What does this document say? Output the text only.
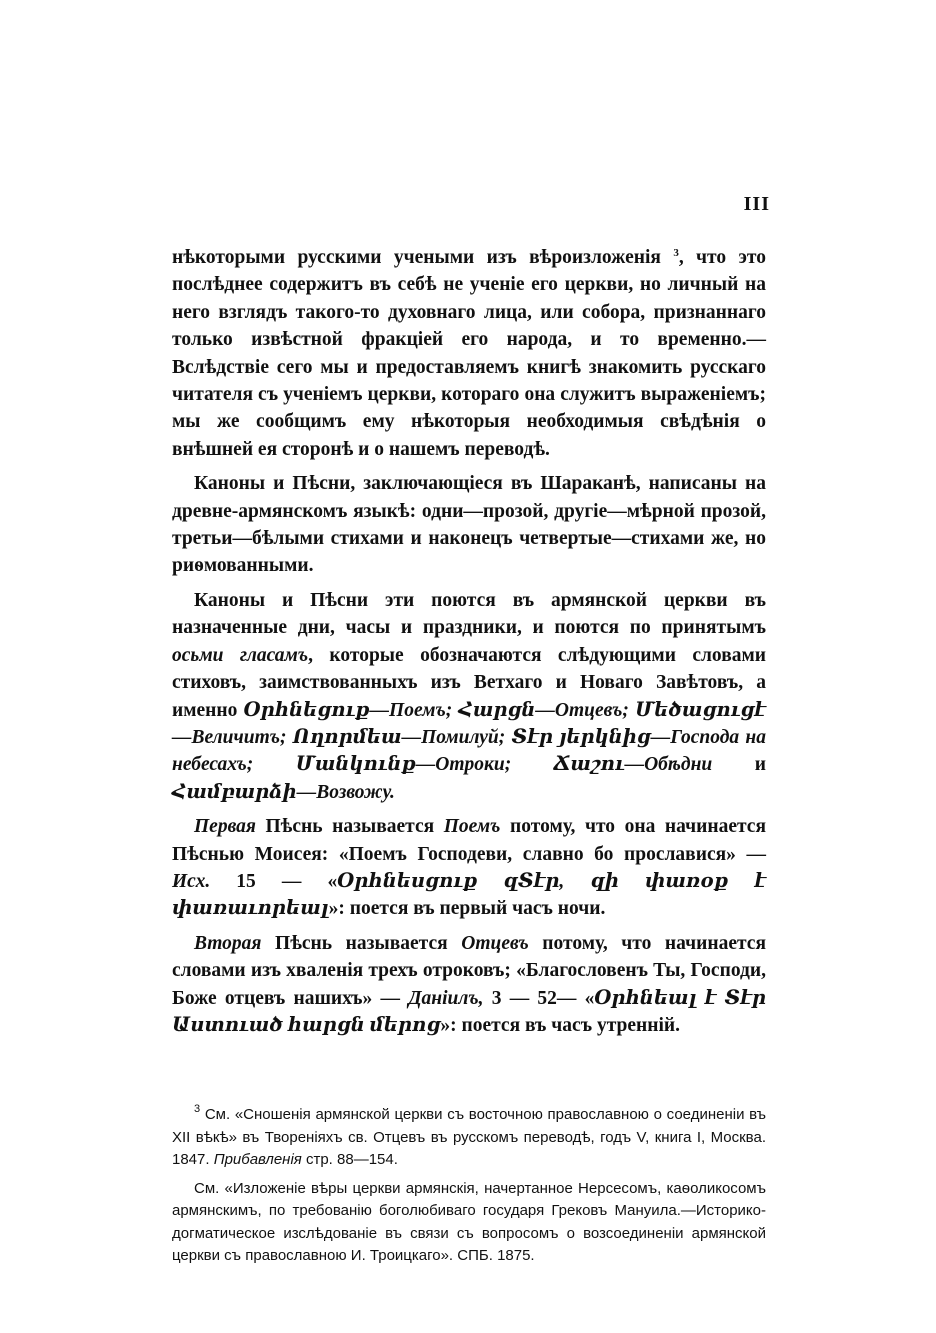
III

нѣкоторыми русскими учеными изъ вѣроизложенія $^3$, что это послѣднее содержитъ въ себѣ не ученіе его церкви, но личный на него взглядъ такого-то духовнаго лица, или собора, признаннаго только извѣстной фракціей его народа, и то временно.—Вслѣдствіе сего мы и предоставляемъ книгѣ знакомить русскаго читателя съ ученіемъ церкви, котораго она служитъ выраженіемъ; мы же сообщимъ ему нѣкоторыя необходимыя свѣдѣнія о внѣшней ея сторонѣ и о нашемъ переводѣ.

Каноны и Пѣсни, заключающіеся въ Шараканѣ, написаны на древне-армянскомъ языкѣ: одни—прозой, другіе—мѣрной прозой, третьи—бѣлыми стихами и наконецъ четвертые—стихами же, но риѳмованными.

Каноны и Пѣсни эти поются въ армянской церкви въ назначенные дни, часы и праздники, и поются по принятымъ осьми гласамъ, которые обозначаются слѣдующими словами стиховъ, заимствованныхъ изъ Ветхаго и Новаго Завѣтовъ, а именно Օրհնեցուք—Поемъ; Հարցն—Отцевъ; Մեծացուցէ—Величитъ; Ողորմեա—Помилуй; Տէր յերկնից—Господа на небесахъ; Մանկունք—Отроки; Ճաշու—Обѣдни и Համբարձի—Возвожу.

Первая Пѣснь называется Поемъ потому, что она начинается Пѣснью Моисея: «Поемъ Господеви, славно бо прославися» — Исх. 15 — «Օրհնեսցուք զՏէր, զի փառօք է փառաւորեալ»: поется въ первый часъ ночи.

Вторая Пѣснь называется Отцевъ потому, что начинается словами изъ хваленія трехъ отроковъ; «Благословенъ Ты, Господи, Боже отцевъ нашихъ» — Даніилъ, 3 — 52— «Օրհնեալ է Տէր Աստուած հարցն մերոց»: поется въ часъ утренній.

$^3$ См. «Сношенія армянской церкви съ восточною православною о соединеніи въ XII вѣкѣ» въ Твореніяхъ св. Отцевъ въ русскомъ переводѣ, годъ V, книга I, Москва. 1847. Прибавленія стр. 88—154.

См. «Изложеніе вѣры церкви армянскія, начертанное Нерсесомъ, каѳоликосомъ армянскимъ, по требованію боголюбиваго государя Грековъ Мануила.—Историко-догматическое изслѣдованіе въ связи съ вопросомъ о возсоединеніи армянской церкви съ православною И. Троицкаго». СПБ. 1875.
